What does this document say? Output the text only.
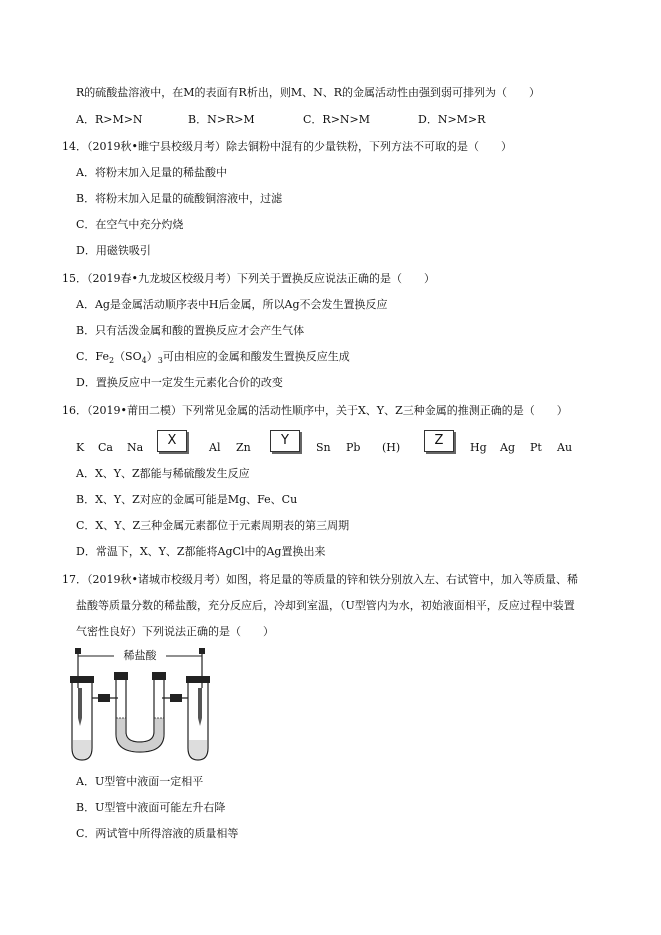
R的硫酸盐溶液中，在M的表面有R析出，则M、N、R的金属活动性由强到弱可排列为（　　）
A．R>M>N	B．N>R>M	C．R>N>M	D．N>M>R
14．（2019秋•睢宁县校级月考）除去铜粉中混有的少量铁粉，下列方法不可取的是（　　）
A．将粉末加入足量的稀盐酸中
B．将粉末加入足量的硫酸铜溶液中，过滤
C．在空气中充分灼烧
D．用磁铁吸引
15．（2019春•九龙坡区校级月考）下列关于置换反应说法正确的是（　　）
A．Ag是金属活动顺序表中H后金属，所以Ag不会发生置换反应
B．只有活泼金属和酸的置换反应才会产生气体
C．$Fe_2(SO_4)_3$可由相应的金属和酸发生置换反应生成
D．置换反应中一定发生元素化合价的改变
16．（2019•莆田二模）下列常见金属的活动性顺序中，关于X、Y、Z三种金属的推测正确的是（　　）
K Ca Na	X	Al Zn	Y	Sn Pb (H)	Z	Hg Ag Pt Au
A．X、Y、Z都能与稀硫酸发生反应
B．X、Y、Z对应的金属可能是Mg、Fe、Cu
C．X、Y、Z三种金属元素都位于元素周期表的第三周期
D．常温下，X、Y、Z都能将AgCl中的Ag置换出来
17．（2019秋•诸城市校级月考）如图，将足量的等质量的锌和铁分别放入左、右试管中，加入等质量、稀
盐酸等质量分数的稀盐酸，充分反应后，冷却到室温，（U型管内为水，初始液面相平，反应过程中装置
气密性良好）下列说法正确的是（　　）
稀盐酸
A．U型管中液面一定相平
B．U型管中液面可能左升右降
C．两试管中所得溶液的质量相等
